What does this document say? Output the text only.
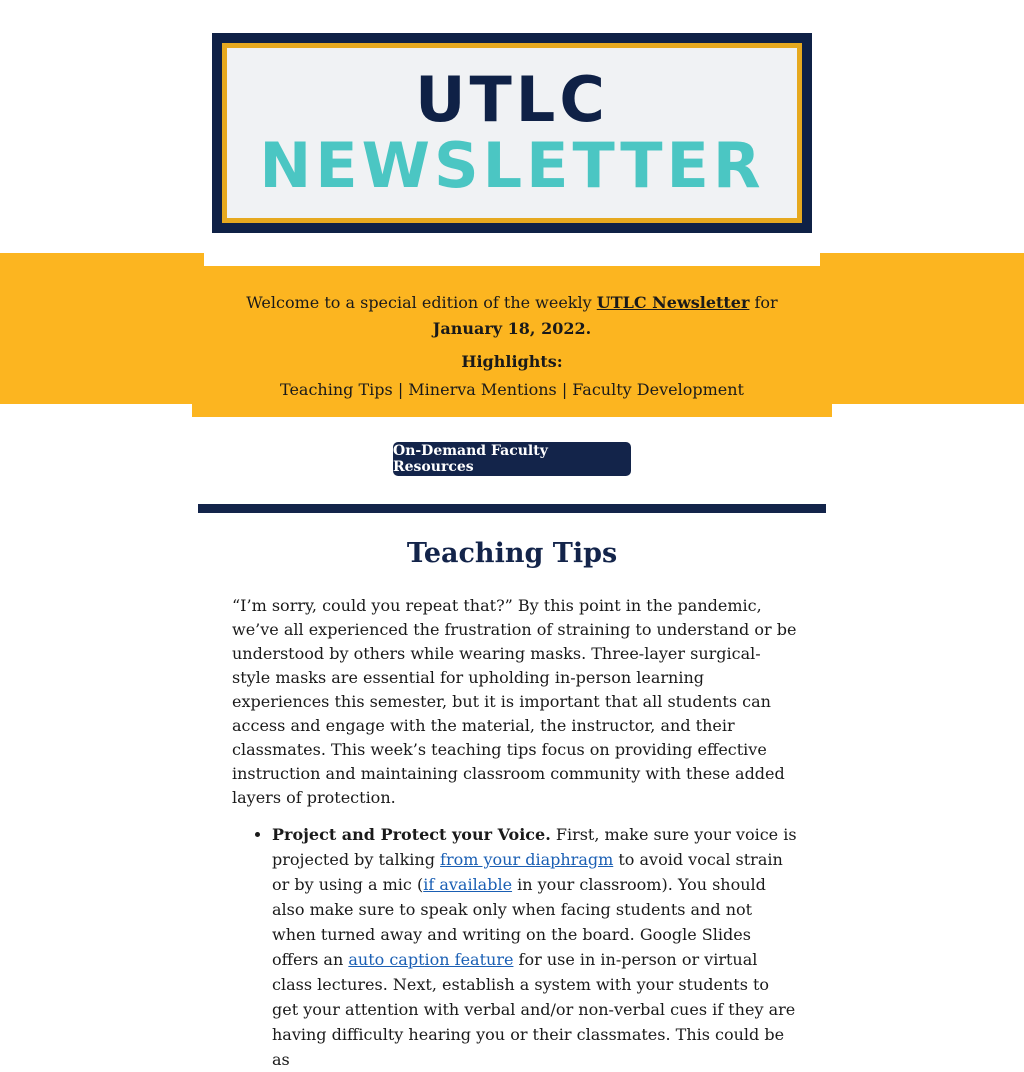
UTLC
NEWSLETTER
Welcome to a special edition of the weekly UTLC Newsletter for January 18, 2022.
Highlights:
Teaching Tips | Minerva Mentions | Faculty Development
On-Demand Faculty Resources
Teaching Tips

“I’m sorry, could you repeat that?” By this point in the pandemic, we’ve all experienced the frustration of straining to understand or be understood by others while wearing masks. Three-layer surgical-style masks are essential for upholding in-person learning experiences this semester, but it is important that all students can access and engage with the material, the instructor, and their classmates. This week’s teaching tips focus on providing effective instruction and maintaining classroom community with these added layers of protection.

• Project and Protect your Voice. First, make sure your voice is projected by talking from your diaphragm to avoid vocal strain or by using a mic (if available in your classroom). You should also make sure to speak only when facing students and not when turned away and writing on the board. Google Slides offers an auto caption feature for use in in-person or virtual class lectures. Next, establish a system with your students to get your attention with verbal and/or non-verbal cues if they are having difficulty hearing you or their classmates. This could be as
